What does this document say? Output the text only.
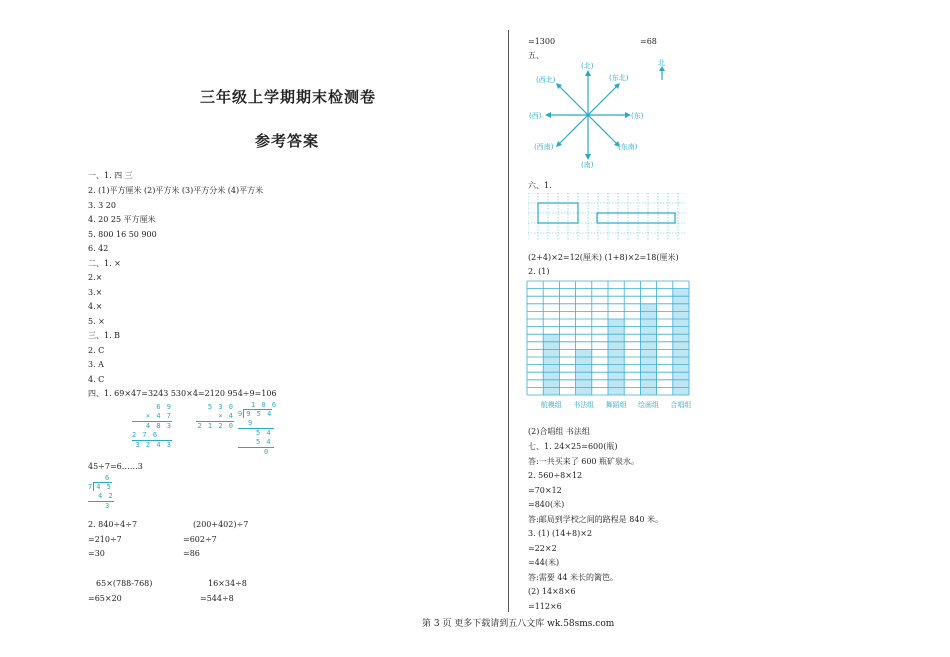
三年级上学期期末检测卷
参考答案
一、1. 四 三
2. (1)平方厘米 (2)平方米 (3)平方分米 (4)平方米
3. 3 20
4. 20 25 平方厘米
5. 800 16 50 900
6. 42
二、1. ×
2.×
3.×
4.×
5. ×
三、1. B
2. C
3. A
4. C
四、1. 69×47=3243 530×4=2120 954÷9=106
6 9
× 4 7
4 8 3
2 7 6
3 2 4 3
5 3 0
× 4
2 1 2 0
1 0 6
9 9 5 4
9
5 4
5 4
0
45÷7=6……3
6
7 4 5
4 2
3
2. 840÷4÷7
=210÷7
=30
(200+402)÷7
=602÷7
=86
65×(788-768)
=65×20
16×34÷8
=544÷8
=1300	=68
五、
(北)
(东北)
(东)
(东南)
(南)
(西南)
(西)
(西北)
北
六、1.
(2+4)×2=12(厘米) (1+8)×2=18(厘米)
2. (1)
航模组 书法组 舞蹈组 绘画组 合唱组
(2)合唱组 书法组
七、1. 24×25=600(瓶)
答:一共买来了 600 瓶矿泉水。
2. 560÷8×12
=70×12
=840(米)
答:邮局到学校之间的路程是 840 米。
3. (1) (14+8)×2
=22×2
=44(米)
答:需要 44 米长的篱笆。
(2) 14×8×6
=112×6
第 3 页 更多下载请到五八文库 wk.58sms.com
